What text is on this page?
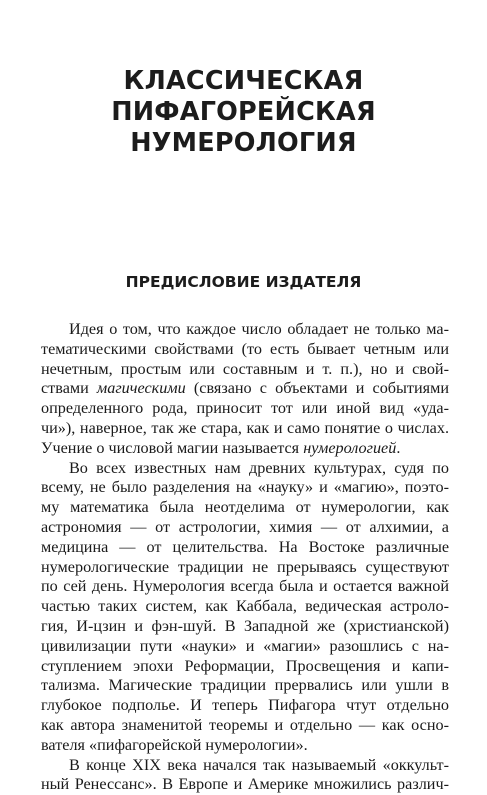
КЛАССИЧЕСКАЯ
ПИФАГОРЕЙСКАЯ
НУМЕРОЛОГИЯ
ПРЕДИСЛОВИЕ ИЗДАТЕЛЯ
Идея о том, что каждое число обладает не только ма-
тематическими свойствами (то есть бывает четным или
нечетным, простым или составным и т. п.), но и свой-
ствами магическими (связано с объектами и событиями
определенного рода, приносит тот или иной вид «уда-
чи»), наверное, так же стара, как и само понятие о числах.
Учение о числовой магии называется нумерологией.
Во всех известных нам древних культурах, судя по
всему, не было разделения на «науку» и «магию», поэто-
му математика была неотделима от нумерологии, как
астрономия — от астрологии, химия — от алхимии, а
медицина — от целительства. На Востоке различные
нумерологические традиции не прерываясь существуют
по сей день. Нумерология всегда была и остается важной
частью таких систем, как Каббала, ведическая астроло-
гия, И-цзин и фэн-шуй. В Западной же (христианской)
цивилизации пути «науки» и «магии» разошлись с на-
ступлением эпохи Реформации, Просвещения и капи-
тализма. Магические традиции прервались или ушли в
глубокое подполье. И теперь Пифагора чтут отдельно
как автора знаменитой теоремы и отдельно — как осно-
вателя «пифагорейской нумерологии».
В конце XIX века начался так называемый «оккульт-
ный Ренессанс». В Европе и Америке множились различ-
